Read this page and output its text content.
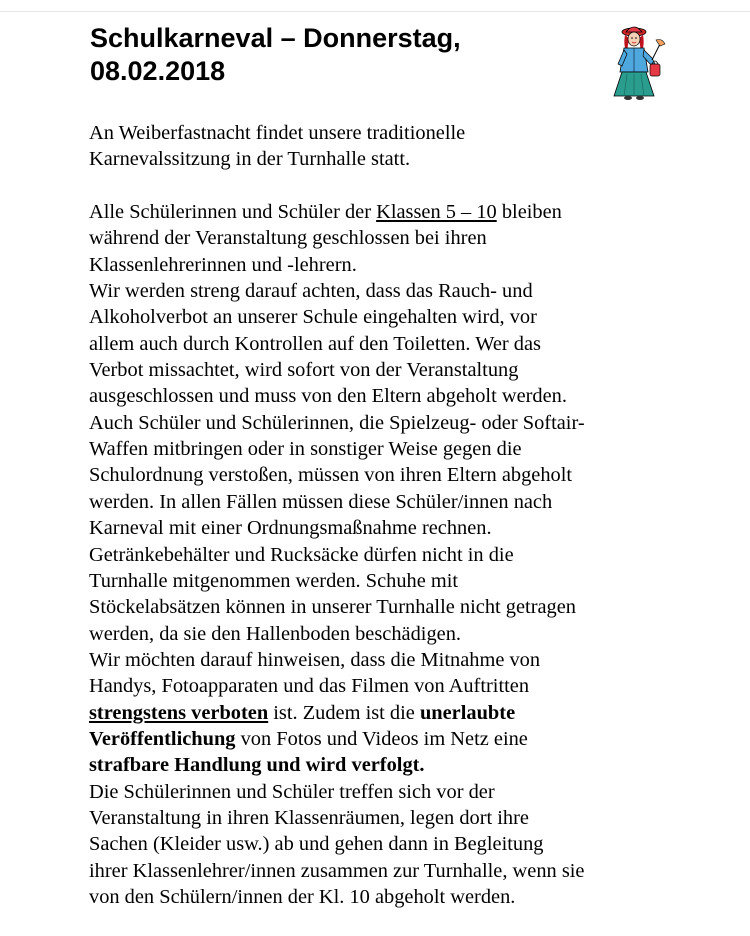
Schulkarneval – Donnerstag,
08.02.2018
An Weiberfastnacht findet unsere traditionelle
Karnevalssitzung in der Turnhalle statt.
Alle Schülerinnen und Schüler der Klassen 5 – 10 bleiben
während der Veranstaltung geschlossen bei ihren
Klassenlehrerinnen und -lehrern.
Wir werden streng darauf achten, dass das Rauch- und
Alkoholverbot an unserer Schule eingehalten wird, vor
allem auch durch Kontrollen auf den Toiletten. Wer das
Verbot missachtet, wird sofort von der Veranstaltung
ausgeschlossen und muss von den Eltern abgeholt werden.
Auch Schüler und Schülerinnen, die Spielzeug- oder Softair-
Waffen mitbringen oder in sonstiger Weise gegen die
Schulordnung verstoßen, müssen von ihren Eltern abgeholt
werden. In allen Fällen müssen diese Schüler/innen nach
Karneval mit einer Ordnungsmaßnahme rechnen.
Getränkebehälter und Rucksäcke dürfen nicht in die
Turnhalle mitgenommen werden. Schuhe mit
Stöckelabsätzen können in unserer Turnhalle nicht getragen
werden, da sie den Hallenboden beschädigen.
Wir möchten darauf hinweisen, dass die Mitnahme von
Handys, Fotoapparaten und das Filmen von Auftritten
strengstens verboten ist. Zudem ist die unerlaubte
Veröffentlichung von Fotos und Videos im Netz eine
strafbare Handlung und wird verfolgt.
Die Schülerinnen und Schüler treffen sich vor der
Veranstaltung in ihren Klassenräumen, legen dort ihre
Sachen (Kleider usw.) ab und gehen dann in Begleitung
ihrer Klassenlehrer/innen zusammen zur Turnhalle, wenn sie
von den Schülern/innen der Kl. 10 abgeholt werden.
